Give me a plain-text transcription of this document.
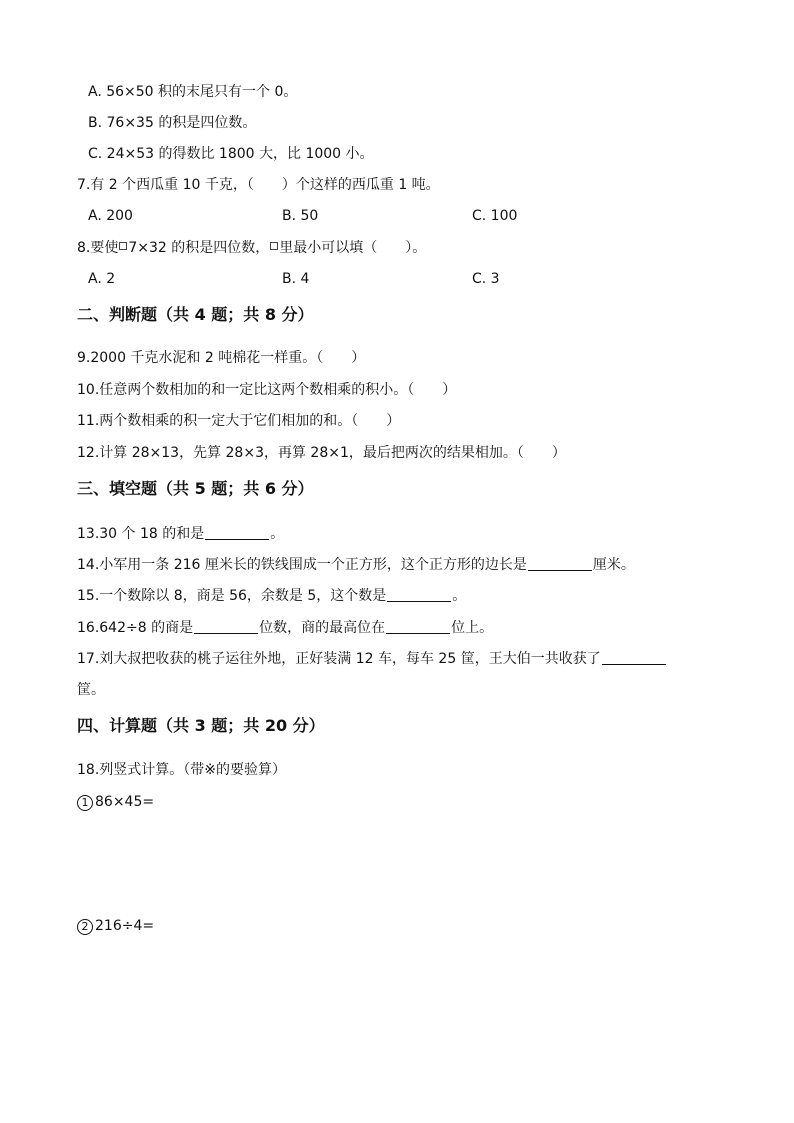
A. 56×50 积的末尾只有一个 0。
B. 76×35 的积是四位数。
C. 24×53 的得数比 1800 大，比 1000 小。
7.有 2 个西瓜重 10 千克，（　　）个这样的西瓜重 1 吨。
A. 200	B. 50	C. 100
8.要使 7×32 的积是四位数， 里最小可以填（　　）。
A. 2	B. 4	C. 3
二、判断题（共 4 题；共 8 分）
9.2000 千克水泥和 2 吨棉花一样重。（　　）
10.任意两个数相加的和一定比这两个数相乘的积小。（　　）
11.两个数相乘的积一定大于它们相加的和。（　　）
12.计算 28×13，先算 28×3，再算 28×1，最后把两次的结果相加。（　　）
三、填空题（共 5 题；共 6 分）
13.30 个 18 的和是	。
14.小军用一条 216 厘米长的铁线围成一个正方形，这个正方形的边长是	厘米。
15.一个数除以 8，商是 56，余数是 5，这个数是	。
16.642÷8 的商是	位数，商的最高位在	位上。
17.刘大叔把收获的桃子运往外地，正好装满 12 车，每车 25 筐，王大伯一共收获了
筐。
四、计算题（共 3 题；共 20 分）
18.列竖式计算。（带※的要验算）
1 86×45=
2 216÷4=
